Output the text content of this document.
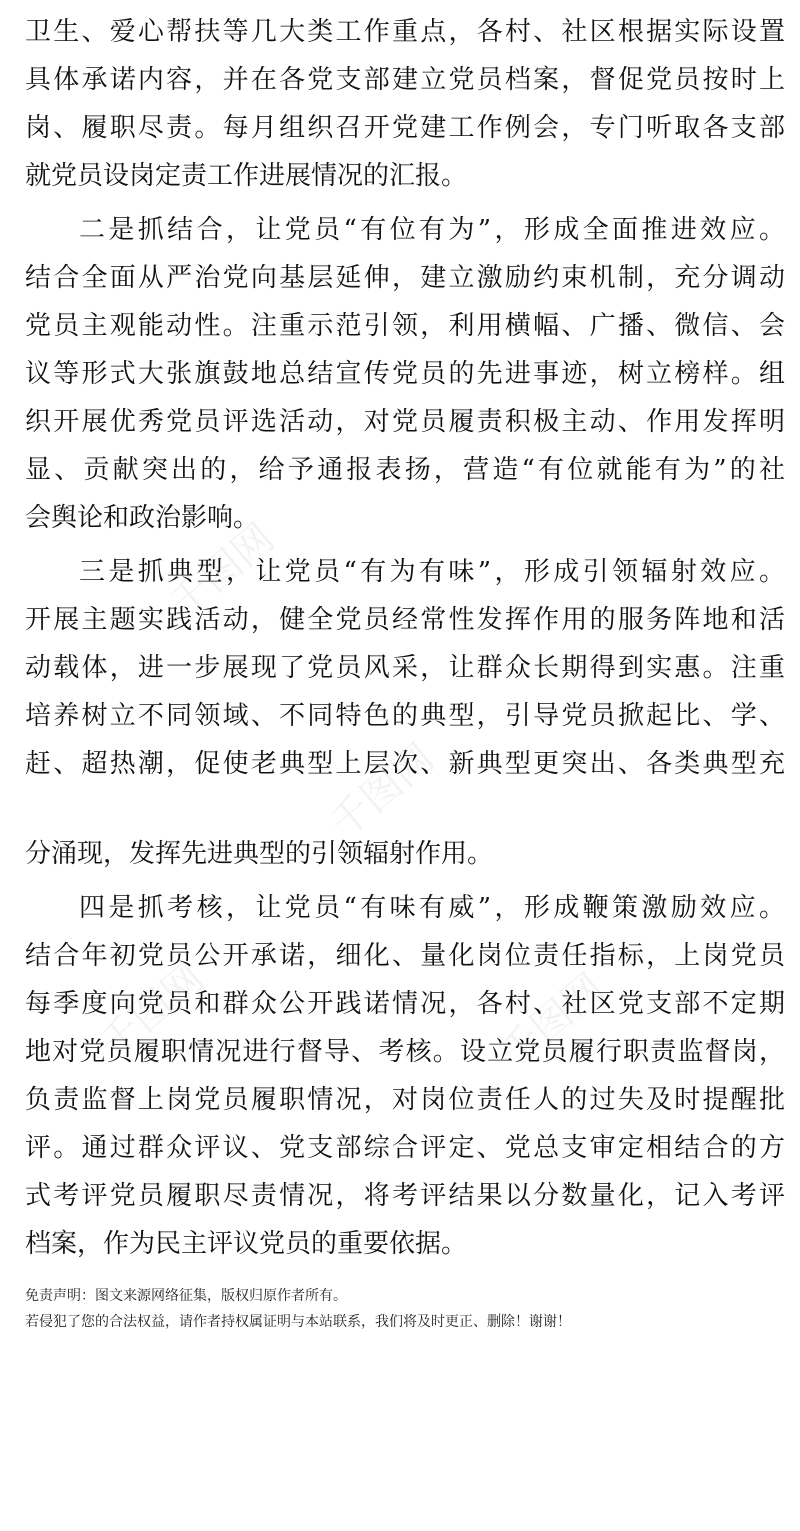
千图网
千图网
千图网	千图网
卫生、爱心帮扶等几大类工作重点，各村、社区根据实际设置
具体承诺内容，并在各党支部建立党员档案，督促党员按时上
岗、履职尽责。每月组织召开党建工作例会，专门听取各支部
就党员设岗定责工作进展情况的汇报。
二是抓结合，让党员“有位有为”，形成全面推进效应。
结合全面从严治党向基层延伸，建立激励约束机制，充分调动
党员主观能动性。注重示范引领，利用横幅、广播、微信、会
议等形式大张旗鼓地总结宣传党员的先进事迹，树立榜样。组
织开展优秀党员评选活动，对党员履责积极主动、作用发挥明
显、贡献突出的，给予通报表扬，营造“有位就能有为”的社
会舆论和政治影响。
三是抓典型，让党员“有为有味”，形成引领辐射效应。
开展主题实践活动，健全党员经常性发挥作用的服务阵地和活
动载体，进一步展现了党员风采，让群众长期得到实惠。注重
培养树立不同领域、不同特色的典型，引导党员掀起比、学、
赶、超热潮，促使老典型上层次、新典型更突出、各类典型充
分涌现，发挥先进典型的引领辐射作用。
四是抓考核，让党员“有味有威”，形成鞭策激励效应。
结合年初党员公开承诺，细化、量化岗位责任指标，上岗党员
每季度向党员和群众公开践诺情况，各村、社区党支部不定期
地对党员履职情况进行督导、考核。设立党员履行职责监督岗，
负责监督上岗党员履职情况，对岗位责任人的过失及时提醒批
评。通过群众评议、党支部综合评定、党总支审定相结合的方
式考评党员履职尽责情况，将考评结果以分数量化，记入考评
档案，作为民主评议党员的重要依据。
免责声明：图文来源网络征集，版权归原作者所有。
若侵犯了您的合法权益，请作者持权属证明与本站联系，我们将及时更正、删除！谢谢！
